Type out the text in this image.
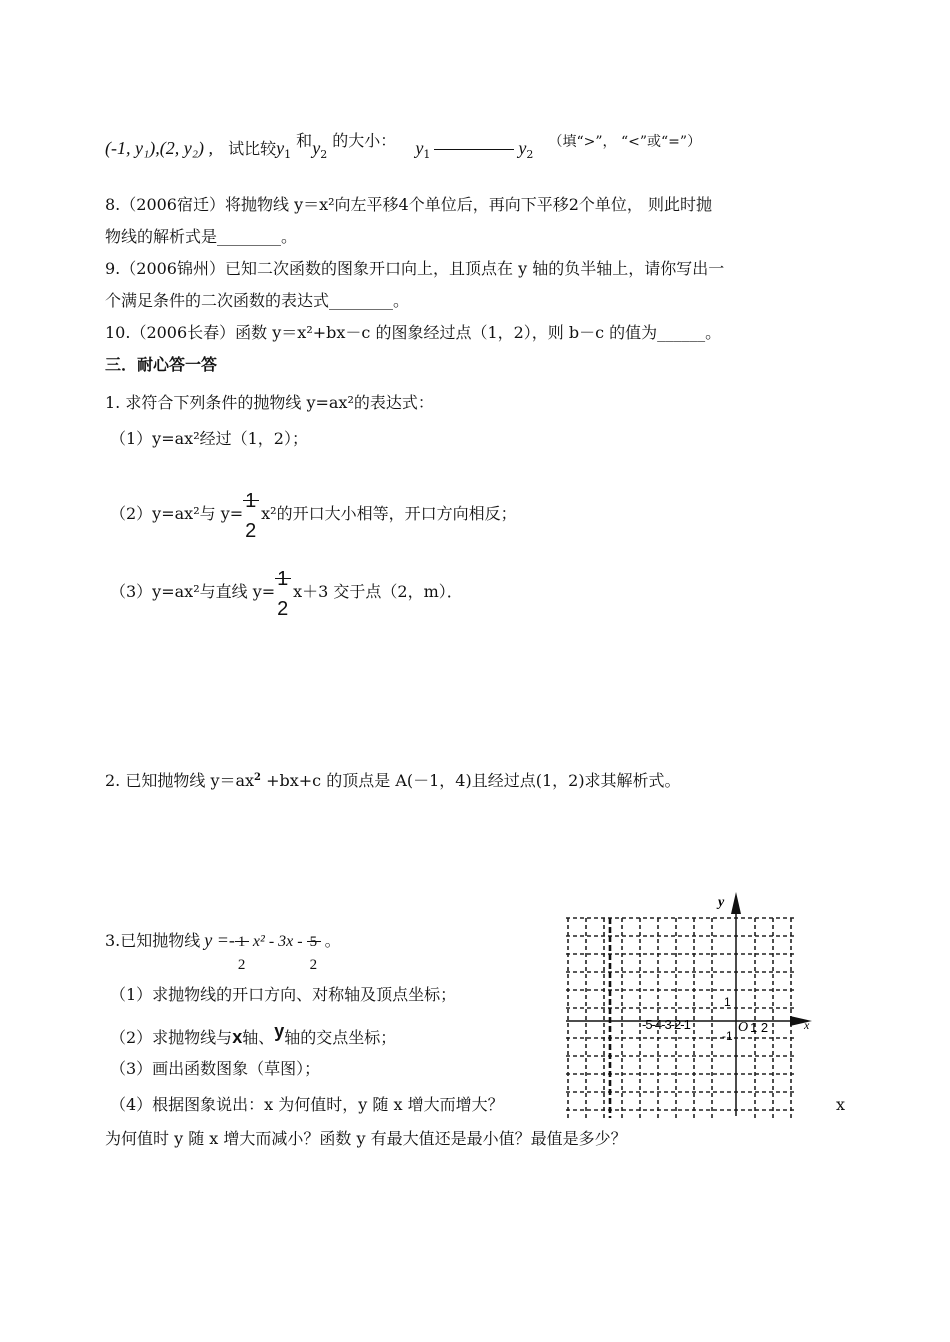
(-1, y₁),(2, y₂) , 试比较$y_1$ 和$y_2$ 的大小： $y_1$	$y_2$ （填“>”， “<”或“=”）
8.（2006宿迁）将抛物线 y＝x²向左平移4个单位后，再向下平移2个单位， 则此时抛
物线的解析式是________。
9.（2006锦州）已知二次函数的图象开口向上，且顶点在 y 轴的负半轴上，请你写出一
个满足条件的二次函数的表达式________。
10.（2006长春）函数 y＝x²+bx－c 的图象经过点（1，2），则 b－c 的值为______。
三．耐心答一答
1. 求符合下列条件的抛物线 y=ax²的表达式：
（1）y=ax²经过（1，2）；
（2）y=ax²与 y=
1
2
x²的开口大小相等，开口方向相反；
（3）y=ax²与直线 y=
1
2
x＋3 交于点（2，m）．
2. 已知抛物线 $y=ax^2 +bx+c$ 的顶点是 A(－1，4)且经过点(1，2)求其解析式。
3.已知抛物线 y =- 1
2
x² - 3x - 5
2
。
（1）求抛物线的开口方向、对称轴及顶点坐标；
（2）求抛物线与x轴、y轴的交点坐标；
（3）画出函数图象（草图）；
（4）根据图象说出：x 为何值时，y 随 x 增大而增大？	x
为何值时 y 随 x 增大而减小？函数 y 有最大值还是最小值？最值是多少？
y
x
-5-4-3-2-1	O 1 2
1
-1
